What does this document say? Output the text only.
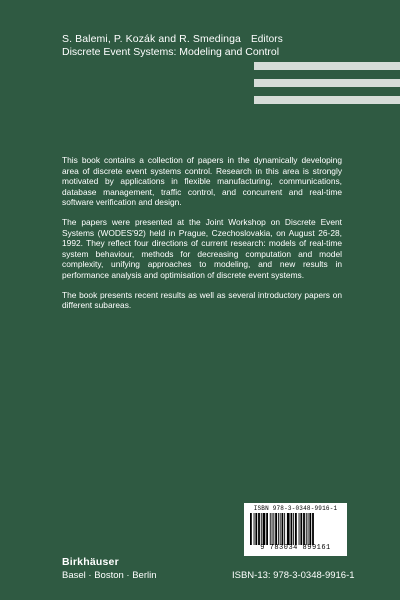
S. Balemi, P. Kozák and R. Smedinga Editors
Discrete Event Systems: Modeling and Control

This book contains a collection of papers in the dynamically developing area of discrete event systems control. Research in this area is strongly motivated by applications in flexible manufacturing, communications, database management, traffic control, and concurrent and real-time software verification and design.

The papers were presented at the Joint Workshop on Discrete Event Systems (WODES'92) held in Prague, Czechoslovakia, on August 26-28, 1992. They reflect four directions of current research: models of real-time system behaviour, methods for decreasing computation and model complexity, unifying approaches to modeling, and new results in performance analysis and optimisation of discrete event systems.

The book presents recent results as well as several introductory papers on different subareas.

ISBN 978-3-0348-9916-1
9 783034 899161
Birkhäuser
Basel · Boston · Berlin	ISBN-13: 978-3-0348-9916-1
